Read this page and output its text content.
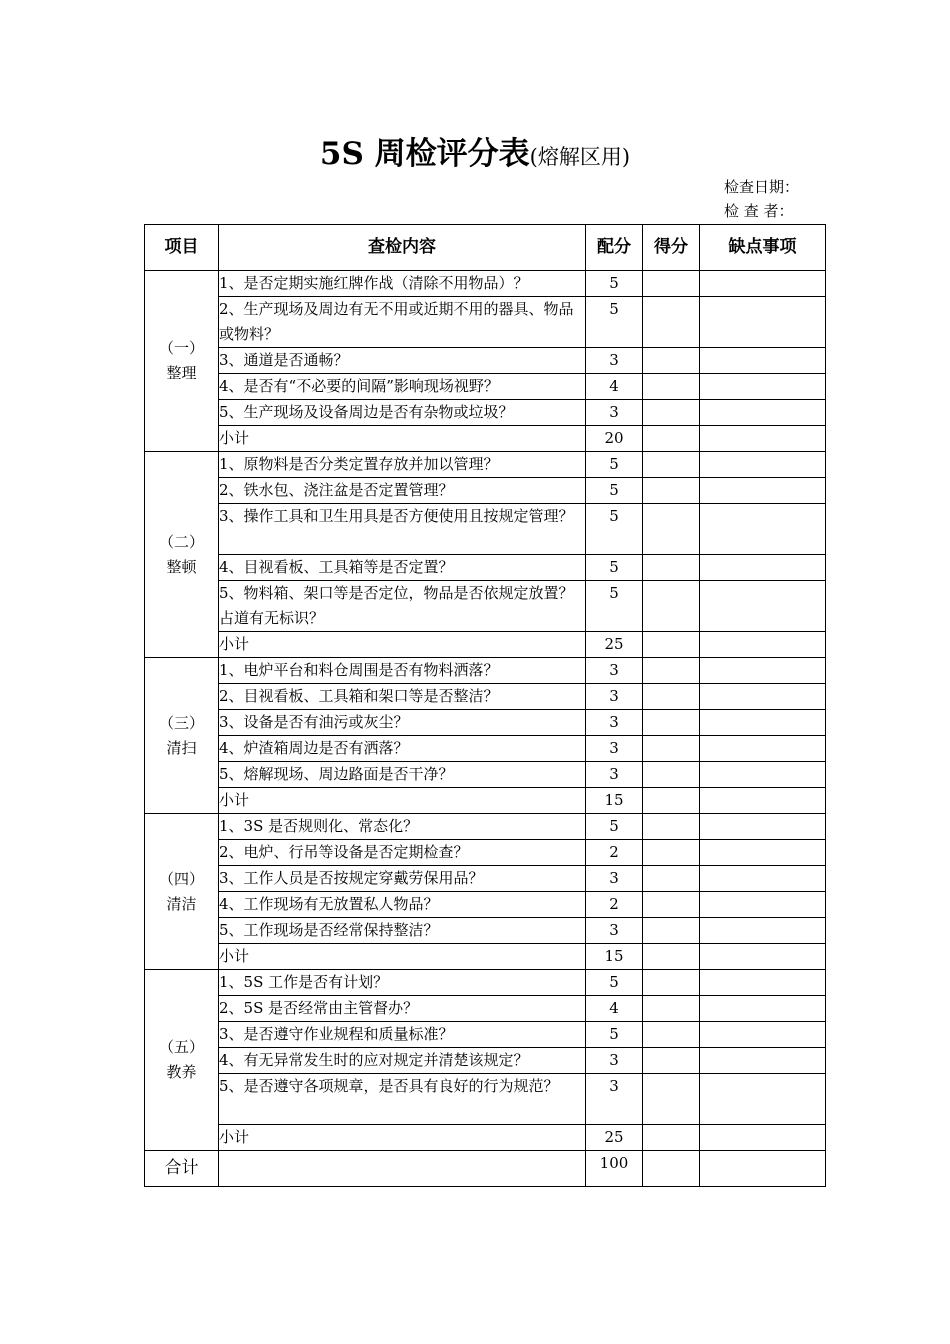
5S 周检评分表(熔解区用)
检查日期：
检 查 者：
项目	查检内容	配分	得分	缺点事项

（一）
整理	1、是否定期实施红牌作战（清除不用物品）？	5		
	2、生产现场及周边有无不用或近期不用的器具、物品或物料？	5		
	3、通道是否通畅？	3		
	4、是否有“不必要的间隔”影响现场视野？	4		
	5、生产现场及设备周边是否有杂物或垃圾？	3		
	小计	20		

（二）
整顿	1、原物料是否分类定置存放并加以管理？	5		
	2、铁水包、浇注盆是否定置管理？	5		
	3、操作工具和卫生用具是否方便使用且按规定管理？	5		
	4、目视看板、工具箱等是否定置？	5		
	5、物料箱、架口等是否定位，物品是否依规定放置？占道有无标识？	5		
	小计	25		

（三）
清扫	1、电炉平台和料仓周围是否有物料洒落？	3		
	2、目视看板、工具箱和架口等是否整洁？	3		
	3、设备是否有油污或灰尘？	3		
	4、炉渣箱周边是否有洒落？	3		
	5、熔解现场、周边路面是否干净？	3		
	小计	15		

（四）
清洁	1、3S 是否规则化、常态化？	5		
	2、电炉、行吊等设备是否定期检查？	2		
	3、工作人员是否按规定穿戴劳保用品？	3		
	4、工作现场有无放置私人物品？	2		
	5、工作现场是否经常保持整洁？	3		
	小计	15		

（五）
教养	1、5S 工作是否有计划？	5		
	2、5S 是否经常由主管督办？	4		
	3、是否遵守作业规程和质量标准？	5		
	4、有无异常发生时的应对规定并清楚该规定？	3		
	5、是否遵守各项规章，是否具有良好的行为规范？	3		
	小计	25		
合计		100		
